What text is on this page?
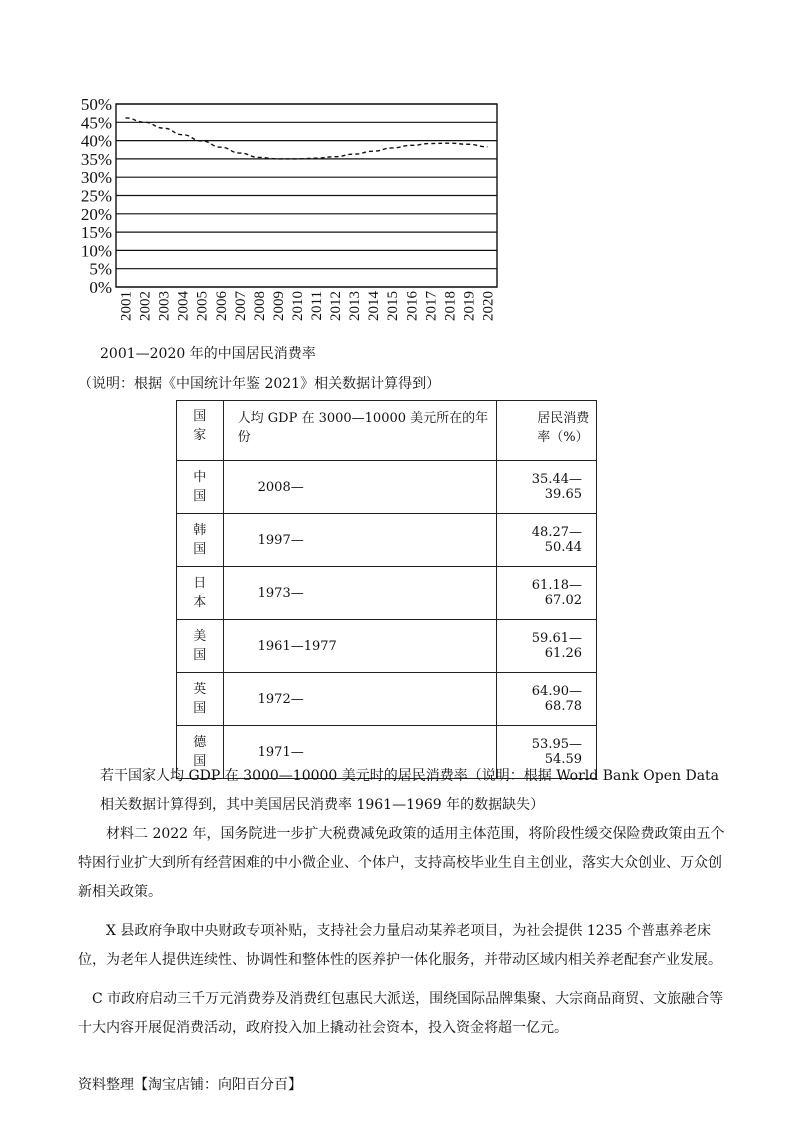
0%
5%
10%
15%
20%
25%
30%
35%
40%
45%
50%
2001 2002 2003 2004 2005 2006 2007 2008 2009 2010 2011 2012 2013 2014 2015 2016 2017 2018 2019 2020
2001—2020 年的中国居民消费率
（说明：根据《中国统计年鉴 2021》相关数据计算得到）
国
家	人均 GDP 在 3000—10000 美元所在的年份	居民消费率（%）

中
国	2008—	35.44—39.65

韩
国	1997—	48.27—50.44

日
本	1973—	61.18—67.02

美
国	1961—1977	59.61—61.26

英
国	1972—	64.90—68.78

德
国	1971—	53.95—54.59
若干国家人均 GDP 在 3000—10000 美元时的居民消费率（说明：根据 World Bank Open Data 相关数据计算得到，其中美国居民消费率 1961—1969 年的数据缺失）
材料二 2022 年，国务院进一步扩大税费减免政策的适用主体范围，将阶段性缓交保险费政策由五个特困行业扩大到所有经营困难的中小微企业、个体户，支持高校毕业生自主创业，落实大众创业、万众创新相关政策。
X 县政府争取中央财政专项补贴，支持社会力量启动某养老项目，为社会提供 1235 个普惠养老床位，为老年人提供连续性、协调性和整体性的医养护一体化服务，并带动区域内相关养老配套产业发展。
C 市政府启动三千万元消费券及消费红包惠民大派送，围绕国际品牌集聚、大宗商品商贸、文旅融合等十大内容开展促消费活动，政府投入加上撬动社会资本，投入资金将超一亿元。
资料整理【淘宝店铺：向阳百分百】
